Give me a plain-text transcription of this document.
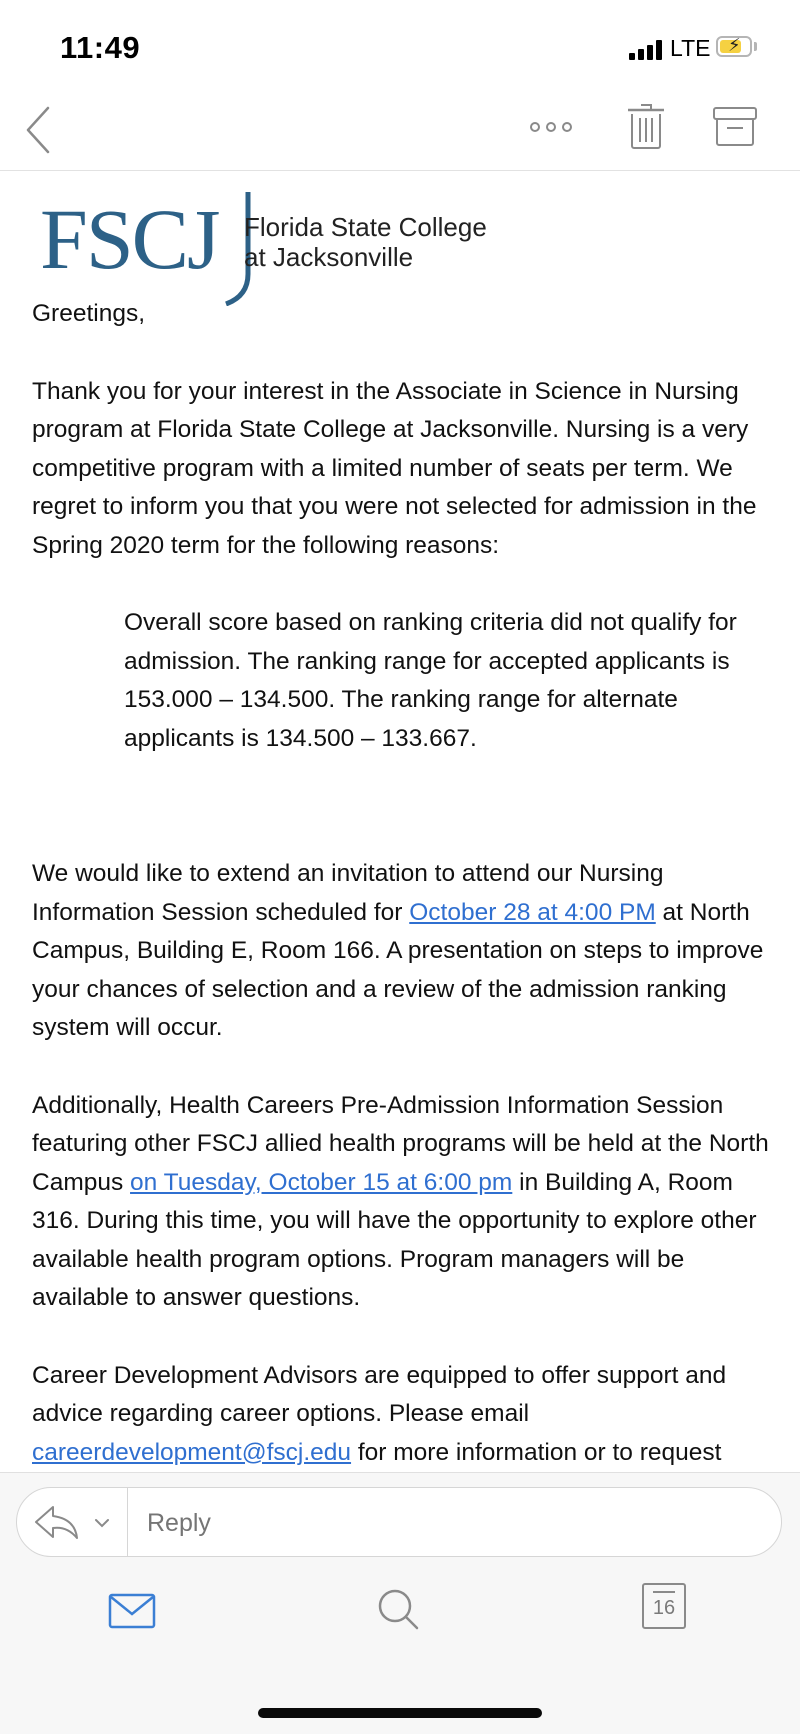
11:49	LTE ⚡
FSCJ Florida State College
at Jacksonville

Greetings,

Thank you for your interest in the Associate in Science in Nursing program at Florida State College at Jacksonville. Nursing is a very competitive program with a limited number of seats per term. We regret to inform you that you were not selected for admission in the Spring 2020 term for the following reasons:

Overall score based on ranking criteria did not qualify for admission. The ranking range for accepted applicants is 153.000 – 134.500. The ranking range for alternate applicants is 134.500 – 133.667.

We would like to extend an invitation to attend our Nursing Information Session scheduled for October 28 at 4:00 PM at North Campus, Building E, Room 166. A presentation on steps to improve your chances of selection and a review of the admission ranking system will occur.

Additionally, Health Careers Pre-Admission Information Session featuring other FSCJ allied health programs will be held at the North Campus on Tuesday, October 15 at 6:00 pm in Building A, Room 316. During this time, you will have the opportunity to explore other available health program options. Program managers will be available to answer questions.

Career Development Advisors are equipped to offer support and advice regarding career options. Please email careerdevelopment@fscj.edu for more information or to request

Reply
16
